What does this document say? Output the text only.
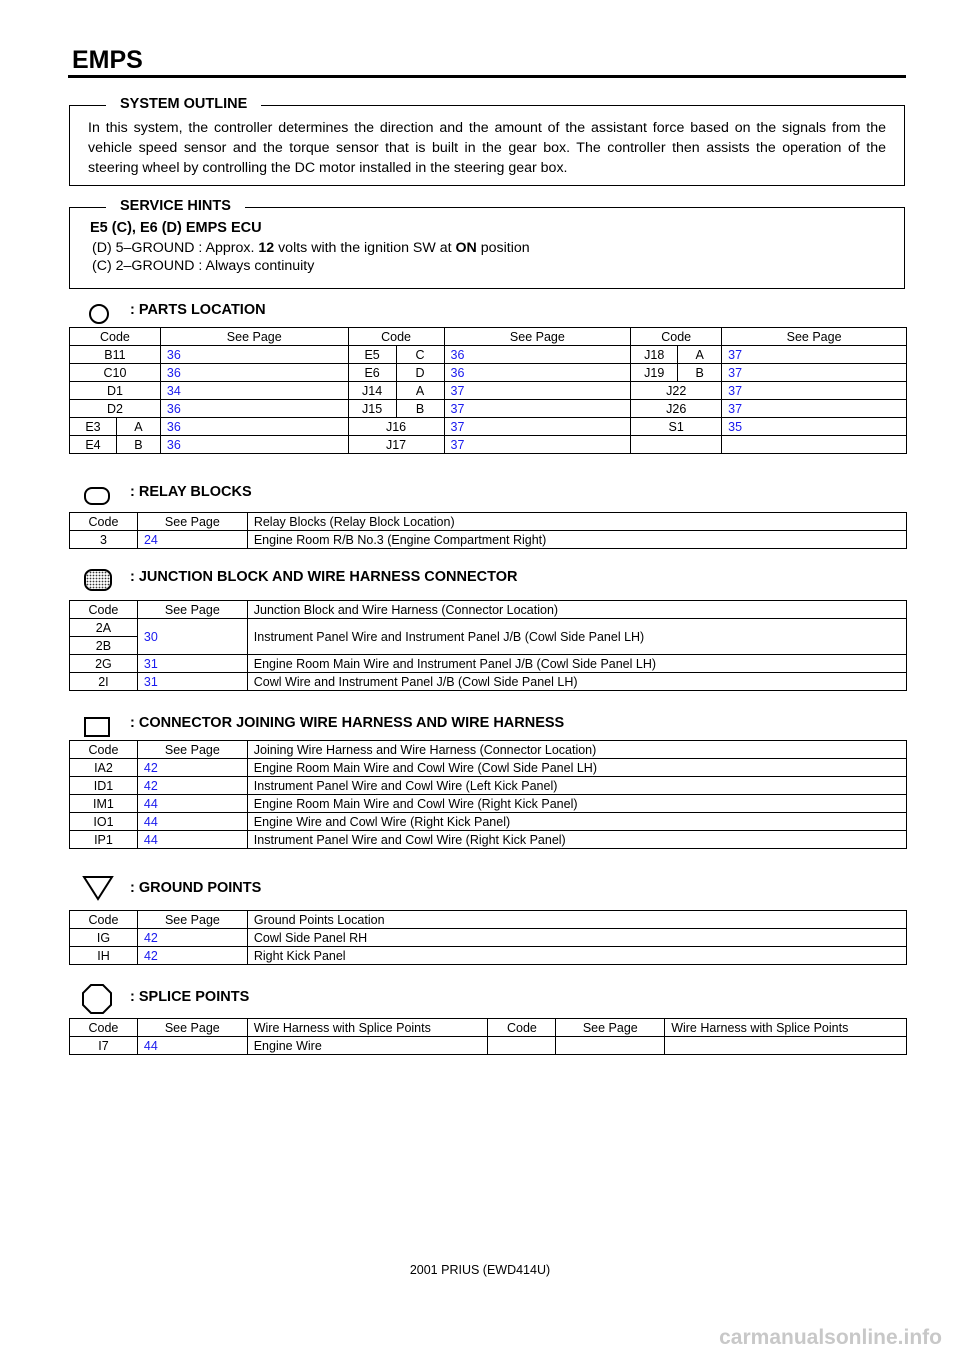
EMPS
SYSTEM OUTLINE
In this system, the controller determines the direction and the amount of the assistant force based on the signals from the vehicle speed sensor and the torque sensor that is built in the gear box. The controller then assists the operation of the steering wheel by controlling the DC motor installed in the steering gear box.
SERVICE HINTS
E5 (C), E6 (D) EMPS ECU
(D) 5–GROUND : Approx. 12 volts with the ignition SW at ON position
(C) 2–GROUND : Always continuity
: PARTS LOCATION
Code		See Page	Code		See Page	Code		See Page
B11		36	E5	C	36	J18	A	37
C10		36	E6	D	36	J19	B	37
D1		34	J14	A	37	J22		37
D2		36	J15	B	37	J26		37
E3	A	36	J16		37	S1		35
E4	B	36	J17		37			
: RELAY BLOCKS
Code	See Page	Relay Blocks (Relay Block Location)
3	24	Engine Room R/B No.3 (Engine Compartment Right)
: JUNCTION BLOCK AND WIRE HARNESS CONNECTOR
Code	See Page	Junction Block and Wire Harness (Connector Location)
2A	30	Instrument Panel Wire and Instrument Panel J/B (Cowl Side Panel LH)
2B		
2G	31	Engine Room Main Wire and Instrument Panel J/B (Cowl Side Panel LH)
2I	31	Cowl Wire and Instrument Panel J/B (Cowl Side Panel LH)
: CONNECTOR JOINING WIRE HARNESS AND WIRE HARNESS
Code	See Page	Joining Wire Harness and Wire Harness (Connector Location)
IA2	42	Engine Room Main Wire and Cowl Wire (Cowl Side Panel LH)
ID1	42	Instrument Panel Wire and Cowl Wire (Left Kick Panel)
IM1	44	Engine Room Main Wire and Cowl Wire (Right Kick Panel)
IO1	44	Engine Wire and Cowl Wire (Right Kick Panel)
IP1	44	Instrument Panel Wire and Cowl Wire (Right Kick Panel)
: GROUND POINTS
Code	See Page	Ground Points Location
IG	42	Cowl Side Panel RH
IH	42	Right Kick Panel
: SPLICE POINTS
Code	See Page	Wire Harness with Splice Points	Code	See Page	Wire Harness with Splice Points
I7	44	Engine Wire			
2001 PRIUS (EWD414U)
carmanualsonline.info
